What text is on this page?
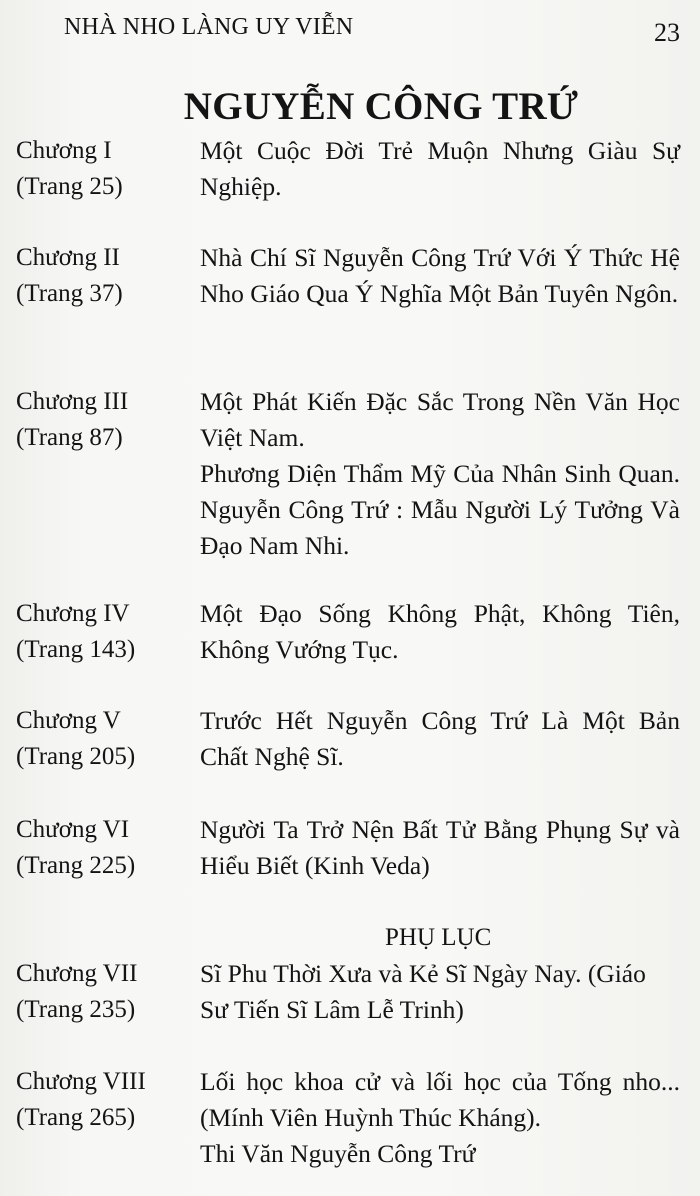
NHÀ NHO LÀNG UY VIỄN	23
NGUYỄN CÔNG TRỨ
Chương I
(Trang 25)

Một Cuộc Đời Trẻ Muộn Nhưng Giàu Sự Nghiệp.

Chương II
(Trang 37)

Nhà Chí Sĩ Nguyễn Công Trứ Với Ý Thức Hệ Nho Giáo Qua Ý Nghĩa Một Bản Tuyên Ngôn.

Chương III
(Trang 87)

Một Phát Kiến Đặc Sắc Trong Nền Văn Học Việt Nam.

Phương Diện Thẩm Mỹ Của Nhân Sinh Quan. Nguyễn Công Trứ : Mẫu Người Lý Tưởng Và Đạo Nam Nhi.

Chương IV
(Trang 143)

Một Đạo Sống Không Phật, Không Tiên, Không Vướng Tục.

Chương V
(Trang 205)

Trước Hết Nguyễn Công Trứ Là Một Bản Chất Nghệ Sĩ.

Chương VI
(Trang 225)

Người Ta Trở Nện Bất Tử Bằng Phụng Sự và Hiểu Biết (Kinh Veda)

PHỤ LỤC
Chương VII
(Trang 235)

Sĩ Phu Thời Xưa và Kẻ Sĩ Ngày Nay. (Giáo Sư Tiến Sĩ Lâm Lễ Trinh)

Chương VIII
(Trang 265)

Lối học khoa cử và lối học của Tống nho... (Mính Viên Huỳnh Thúc Kháng).

Thi Văn Nguyễn Công Trứ
